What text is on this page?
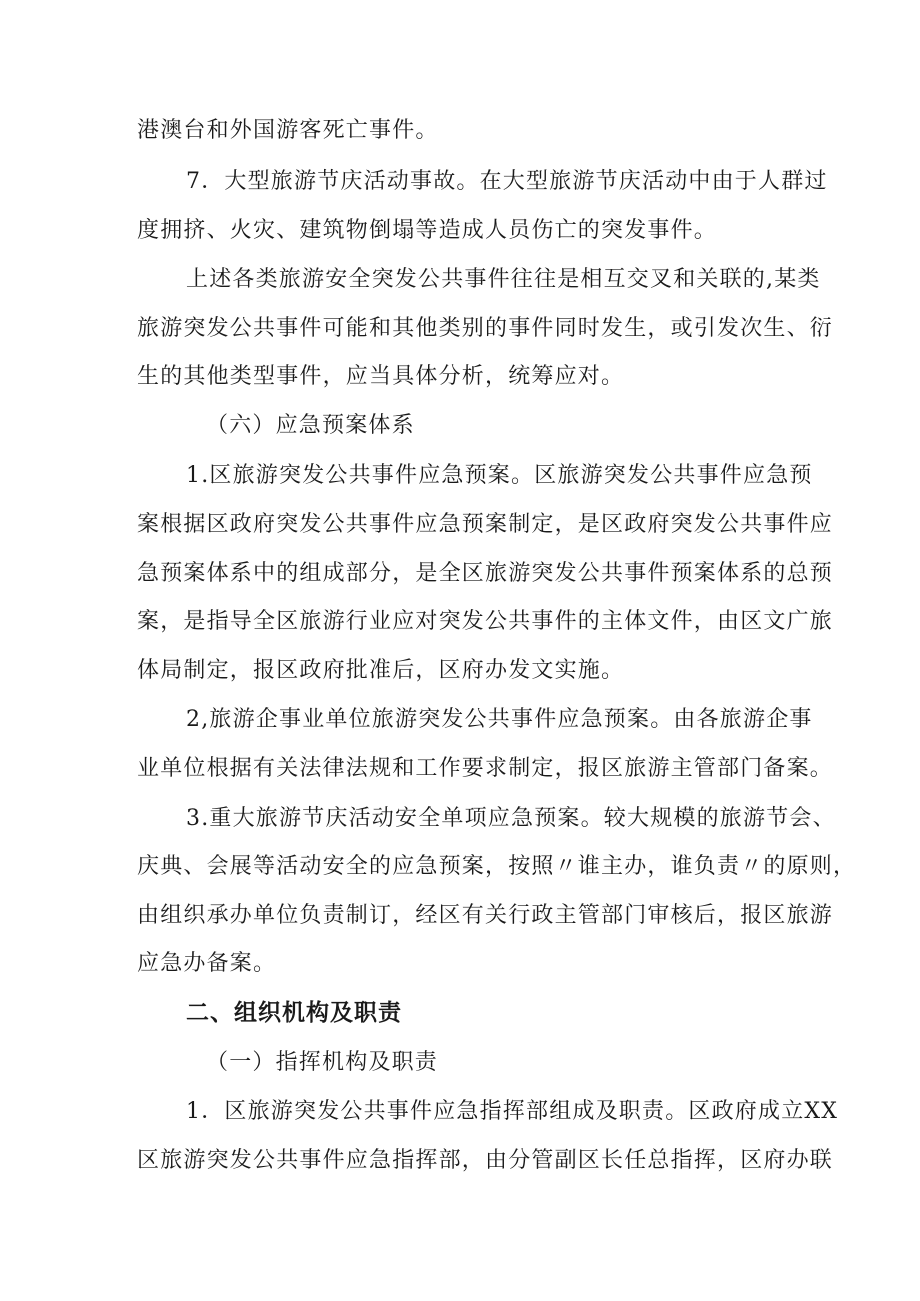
港澳台和外国游客死亡事件。
7．大型旅游节庆活动事故。在大型旅游节庆活动中由于人群过
度拥挤、火灾、建筑物倒塌等造成人员伤亡的突发事件。
上述各类旅游安全突发公共事件往往是相互交叉和关联的,某类
旅游突发公共事件可能和其他类别的事件同时发生，或引发次生、衍
生的其他类型事件，应当具体分析，统筹应对。
（六）应急预案体系
1.区旅游突发公共事件应急预案。区旅游突发公共事件应急预
案根据区政府突发公共事件应急预案制定，是区政府突发公共事件应
急预案体系中的组成部分，是全区旅游突发公共事件预案体系的总预
案，是指导全区旅游行业应对突发公共事件的主体文件，由区文广旅
体局制定，报区政府批准后，区府办发文实施。
2,旅游企事业单位旅游突发公共事件应急预案。由各旅游企事
业单位根据有关法律法规和工作要求制定，报区旅游主管部门备案。
3.重大旅游节庆活动安全单项应急预案。较大规模的旅游节会、
庆典、会展等活动安全的应急预案，按照〃谁主办，谁负责〃的原则，
由组织承办单位负责制订，经区有关行政主管部门审核后，报区旅游
应急办备案。
二、组织机构及职责
（一）指挥机构及职责
1．区旅游突发公共事件应急指挥部组成及职责。区政府成立XX
区旅游突发公共事件应急指挥部，由分管副区长任总指挥，区府办联
